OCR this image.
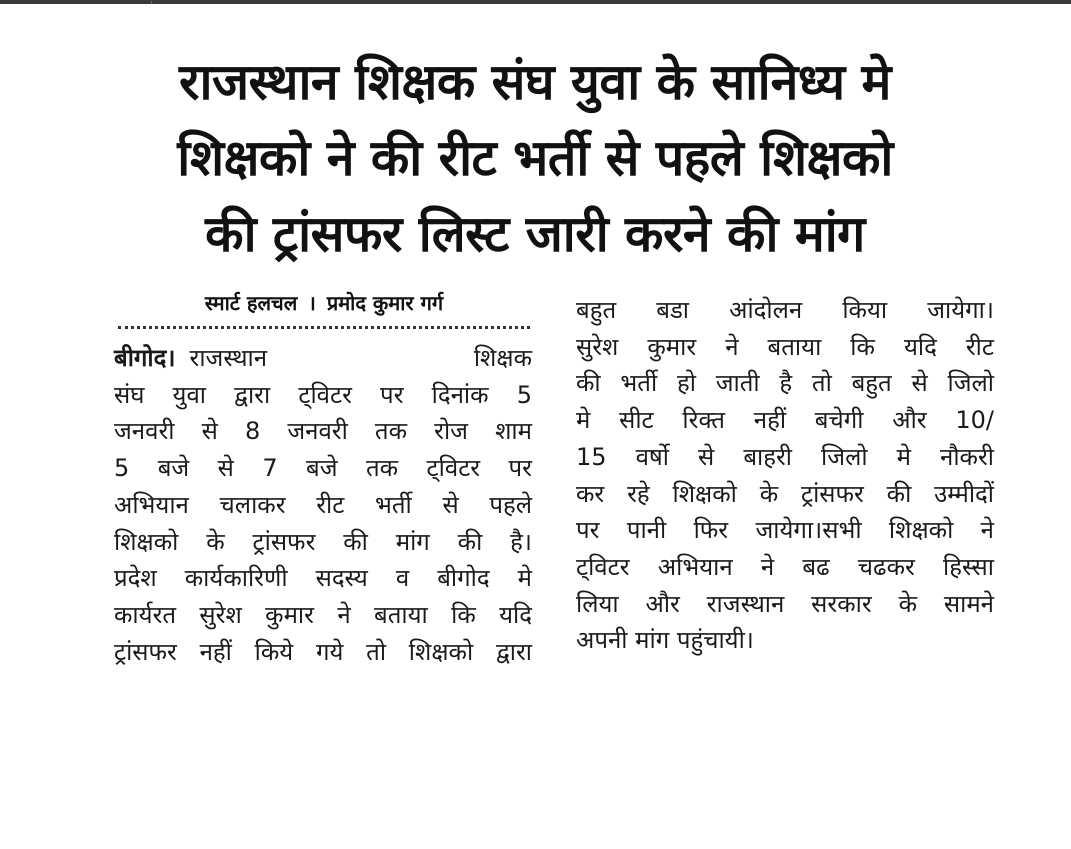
'
राजस्थान शिक्षक संघ युवा के सानिध्य मे
शिक्षको ने की रीट भर्ती से पहले शिक्षको
की ट्रांसफर लिस्ट जारी करने की मांग
स्मार्ट हलचल । प्रमोद कुमार गर्ग
बीगोद। राजस्थान शिक्षक
संघ युवा द्वारा ट्विटर पर दिनांक 5
जनवरी से 8 जनवरी तक रोज शाम
5 बजे से 7 बजे तक ट्विटर पर
अभियान चलाकर रीट भर्ती से पहले
शिक्षको के ट्रांसफर की मांग की है।
प्रदेश कार्यकारिणी सदस्य व बीगोद मे
कार्यरत सुरेश कुमार ने बताया कि यदि
ट्रांसफर नहीं किये गये तो शिक्षको द्वारा
बहुत बडा आंदोलन किया जायेगा।
सुरेश कुमार ने बताया कि यदि रीट
की भर्ती हो जाती है तो बहुत से जिलो
मे सीट रिक्त नहीं बचेगी और 10/
15 वर्षो से बाहरी जिलो मे नौकरी
कर रहे शिक्षको के ट्रांसफर की उम्मीदों
पर पानी फिर जायेगा।सभी शिक्षको ने
ट्विटर अभियान ने बढ चढकर हिस्सा
लिया और राजस्थान सरकार के सामने
अपनी मांग पहुंचायी।
